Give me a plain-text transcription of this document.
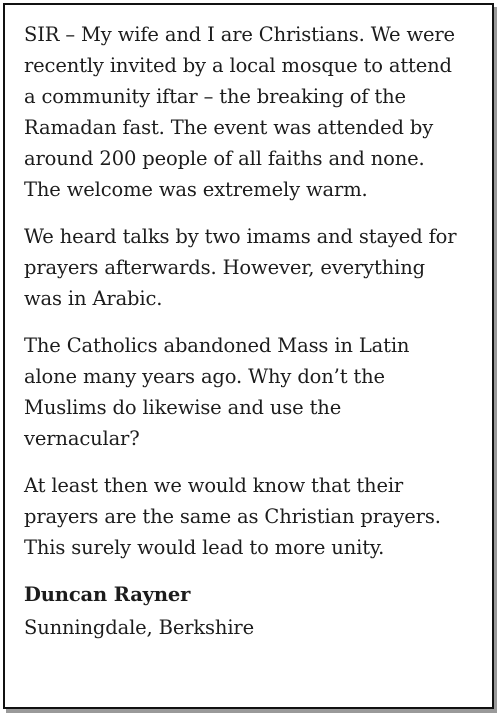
SIR – My wife and I are Christians. We were
recently invited by a local mosque to attend
a community iftar – the breaking of the
Ramadan fast. The event was attended by
around 200 people of all faiths and none.
The welcome was extremely warm.

We heard talks by two imams and stayed for
prayers afterwards. However, everything
was in Arabic.

The Catholics abandoned Mass in Latin
alone many years ago. Why don’t the
Muslims do likewise and use the
vernacular?

At least then we would know that their
prayers are the same as Christian prayers.
This surely would lead to more unity.

Duncan Rayner
Sunningdale, Berkshire
